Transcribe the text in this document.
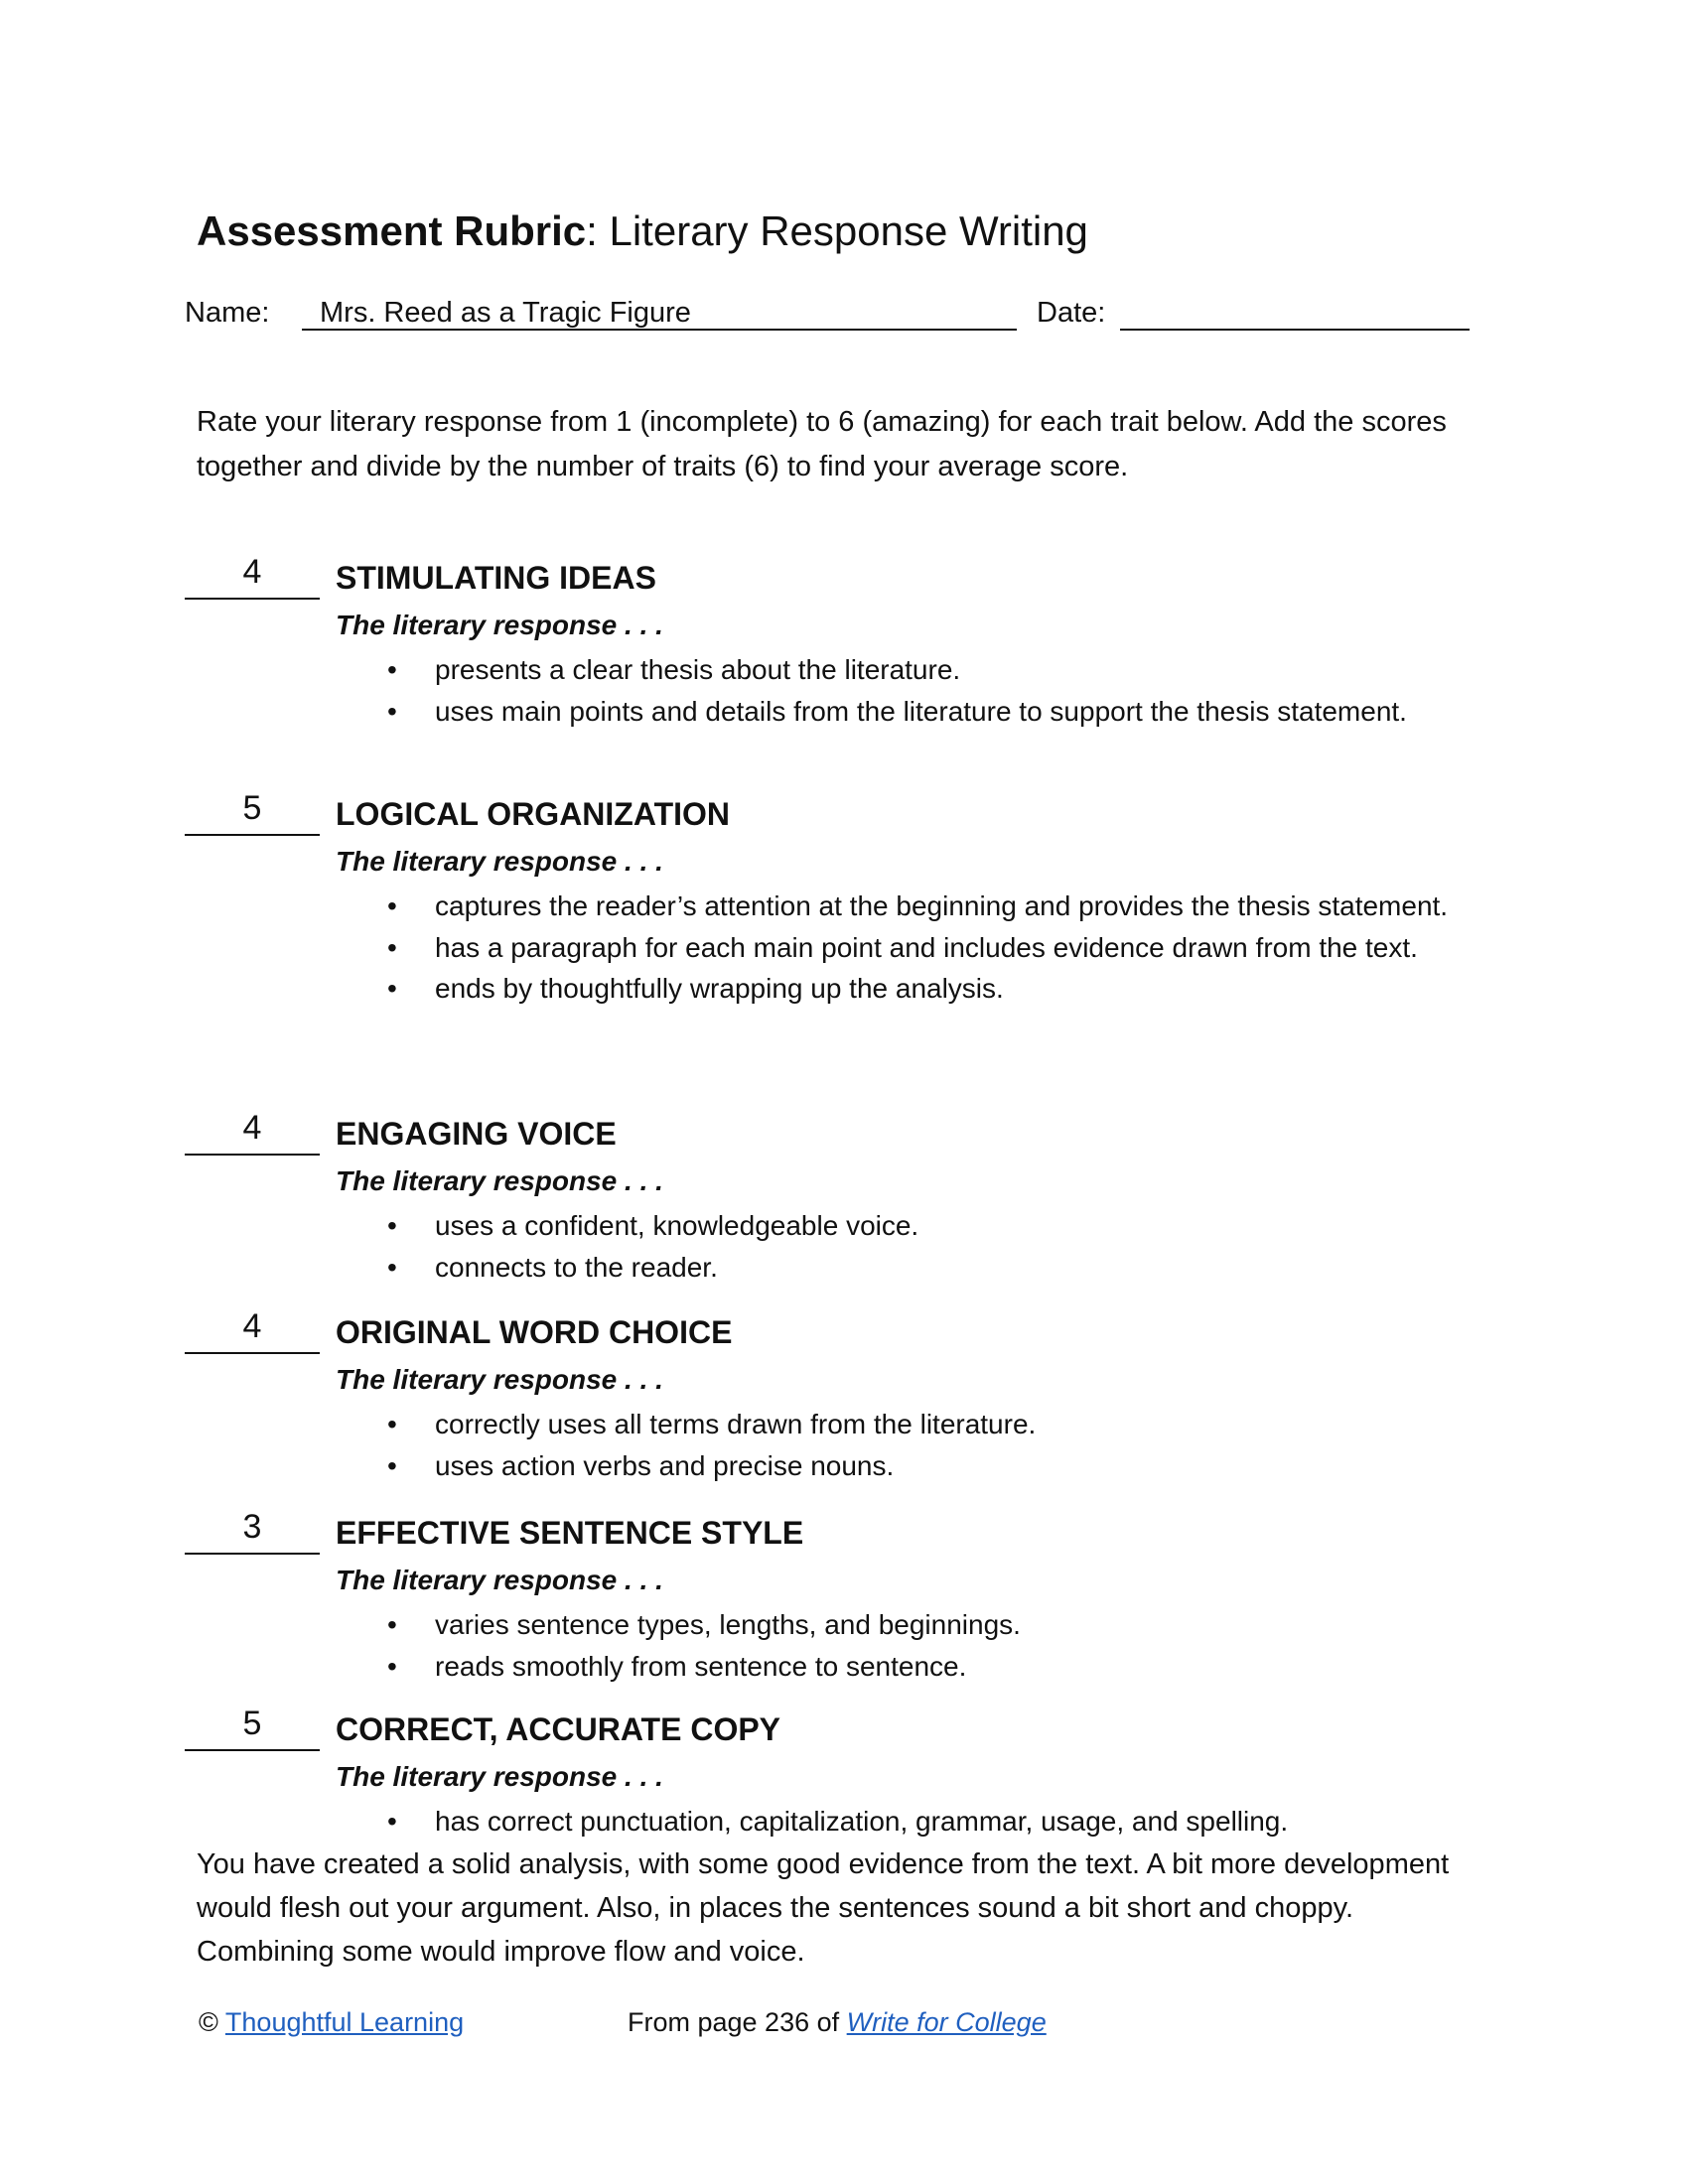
Assessment Rubric: Literary Response Writing
Name:	Mrs. Reed as a Tragic Figure	Date:
Rate your literary response from 1 (incomplete) to 6 (amazing) for each trait below. Add the scores together and divide by the number of traits (6) to find your average score.
4	STIMULATING IDEAS
The literary response . . .
• presents a clear thesis about the literature.
• uses main points and details from the literature to support the thesis statement.
5	LOGICAL ORGANIZATION
The literary response . . .
• captures the reader’s attention at the beginning and provides the thesis statement.
• has a paragraph for each main point and includes evidence drawn from the text.
• ends by thoughtfully wrapping up the analysis.
4	ENGAGING VOICE
The literary response . . .
• uses a confident, knowledgeable voice.
• connects to the reader.
4	ORIGINAL WORD CHOICE
The literary response . . .
• correctly uses all terms drawn from the literature.
• uses action verbs and precise nouns.
3	EFFECTIVE SENTENCE STYLE
The literary response . . .
• varies sentence types, lengths, and beginnings.
• reads smoothly from sentence to sentence.
5	CORRECT, ACCURATE COPY
The literary response . . .
• has correct punctuation, capitalization, grammar, usage, and spelling.
You have created a solid analysis, with some good evidence from the text. A bit more development would flesh out your argument. Also, in places the sentences sound a bit short and choppy. Combining some would improve flow and voice.
© Thoughtful Learning	From page 236 of Write for College
